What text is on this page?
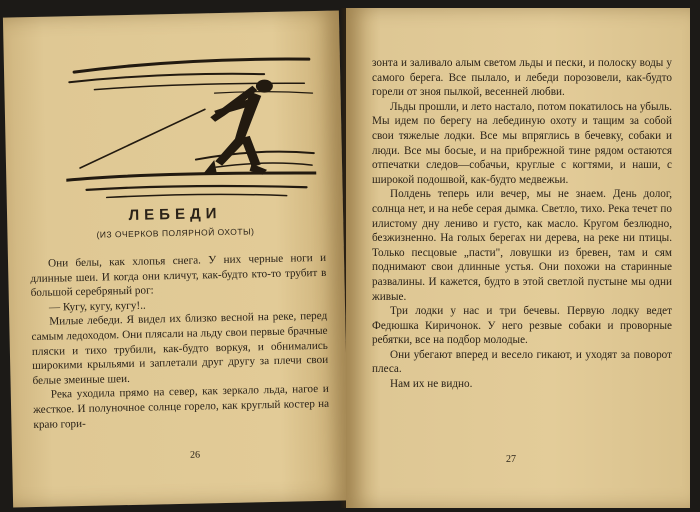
ЛЕБЕДИ
(ИЗ ОЧЕРКОВ ПОЛЯРНОЙ ОХОТЫ)

Они белы, как хлопья снега. У них черные ноги и длинные шеи. И когда они кличут, как-будто кто-то трубит в большой серебряный рог:

— Кугу, кугу, кугу!..

Милые лебеди. Я видел их близко весной на реке, перед самым ледоходом. Они плясали на льду свои первые брачные пляски и тихо трубили, как-будто воркуя, и обнимались широкими крыльями и заплетали друг другу за плечи свои белые змеиные шеи.

Река уходила прямо на север, как зеркало льда, нагое и жесткое. И полуночное солнце горело, как круглый костер на краю гори-

26

зонта и заливало алым светом льды и пески, и полоску воды у самого берега. Все пылало, и лебеди порозовели, как-будто горели от зноя пылкой, весенней любви.

Льды прошли, и лето настало, потом покатилось на убыль. Мы идем по берегу на лебединую охоту и тащим за собой свои тяжелые лодки. Все мы впряглись в бечевку, собаки и люди. Все мы босые, и на прибрежной тине рядом остаются отпечатки следов—собачьи, круглые с когтями, и наши, с широкой подошвой, как-будто медвежьи.

Полдень теперь или вечер, мы не знаем. День долог, солнца нет, и на небе серая дымка. Светло, тихо. Река течет по илистому дну лениво и густо, как масло. Кругом безлюдно, безжизненно. На голых берегах ни дерева, на реке ни птицы. Только песцовые „пасти", ловушки из бревен, там и сям поднимают свои длинные устья. Они похожи на старинные развалины. И кажется, будто в этой светлой пустыне мы одни живые.

Три лодки у нас и три бечевы. Первую лодку ведет Федюшка Киричонок. У него резвые собаки и проворные ребятки, все на подбор молодые.

Они убегают вперед и весело гикают, и уходят за поворот плеса.

Нам их не видно.

27
